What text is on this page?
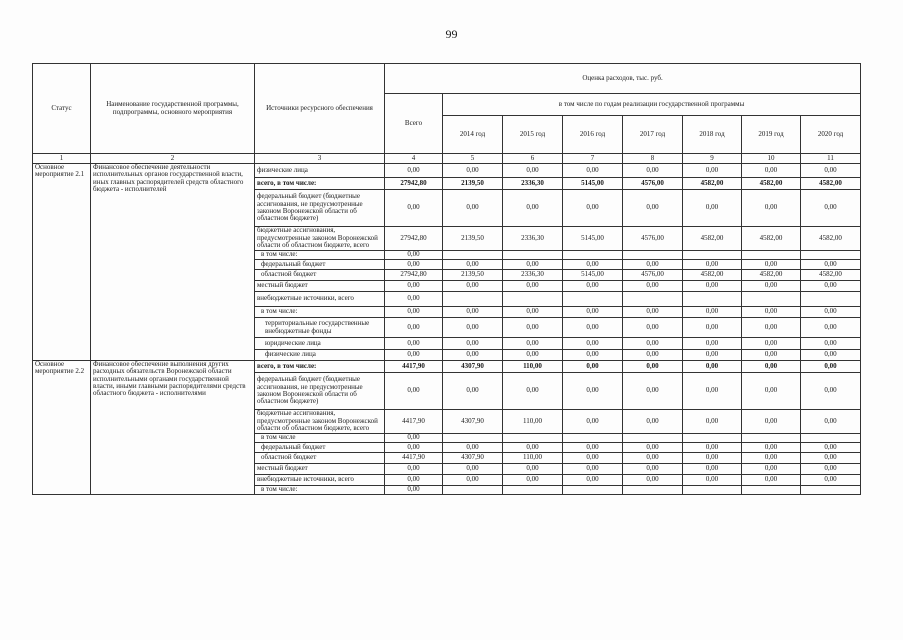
99
Статус	Наименование государственной программы, подпрограммы, основного мероприятия	Источники ресурсного обеспечения	Оценка расходов, тыс. руб.							
			Всего	в том числе по годам реализации государственной программы						
				2014 год	2015 год	2016 год	2017 год	2018 год	2019 год	2020 год
1	2	3	4	5	6	7	8	9	10	11
Основное мероприятие 2.1	Финансовое обеспечение деятельности исполнительных органов государственной власти, иных главных распорядителей средств областного бюджета - исполнителей	физические лица	0,00	0,00	0,00	0,00	0,00	0,00	0,00	0,00
		всего, в том числе:	27942,80	2139,50	2336,30	5145,00	4576,00	4582,00	4582,00	4582,00
		федеральный бюджет (бюджетные ассигнования, не предусмотренные законом Воронежской области об областном бюджете)	0,00	0,00	0,00	0,00	0,00	0,00	0,00	0,00
		бюджетные ассигнования, предусмотренные законом Воронежской области об областном бюджете, всего	27942,80	2139,50	2336,30	5145,00	4576,00	4582,00	4582,00	4582,00
		в том числе:	0,00							
		федеральный бюджет	0,00	0,00	0,00	0,00	0,00	0,00	0,00	0,00
		областной бюджет	27942,80	2139,50	2336,30	5145,00	4576,00	4582,00	4582,00	4582,00
		местный бюджет	0,00	0,00	0,00	0,00	0,00	0,00	0,00	0,00
		внебюджетные источники, всего	0,00							
		в том числе:	0,00	0,00	0,00	0,00	0,00	0,00	0,00	0,00
		территориальные государственные внебюджетные фонды	0,00	0,00	0,00	0,00	0,00	0,00	0,00	0,00
		юридические лица	0,00	0,00	0,00	0,00	0,00	0,00	0,00	0,00
		физические лица	0,00	0,00	0,00	0,00	0,00	0,00	0,00	0,00
Основное мероприятие 2.2	Финансовое обеспечение выполнения других расходных обязательств Воронежской области исполнительными органами государственной власти, иными главными распорядителями средств областного бюджета - исполнителями	всего, в том числе:	4417,90	4307,90	110,00	0,00	0,00	0,00	0,00	0,00
		федеральный бюджет (бюджетные ассигнования, не предусмотренные законом Воронежской области об областном бюджете)	0,00	0,00	0,00	0,00	0,00	0,00	0,00	0,00
		бюджетные ассигнования, предусмотренные законом Воронежской области об областном бюджете, всего	4417,90	4307,90	110,00	0,00	0,00	0,00	0,00	0,00
		в том числе	0,00							
		федеральный бюджет	0,00	0,00	0,00	0,00	0,00	0,00	0,00	0,00
		областной бюджет	4417,90	4307,90	110,00	0,00	0,00	0,00	0,00	0,00
		местный бюджет	0,00	0,00	0,00	0,00	0,00	0,00	0,00	0,00
		внебюджетные источники, всего	0,00	0,00	0,00	0,00	0,00	0,00	0,00	0,00
		в том числе:	0,00							
